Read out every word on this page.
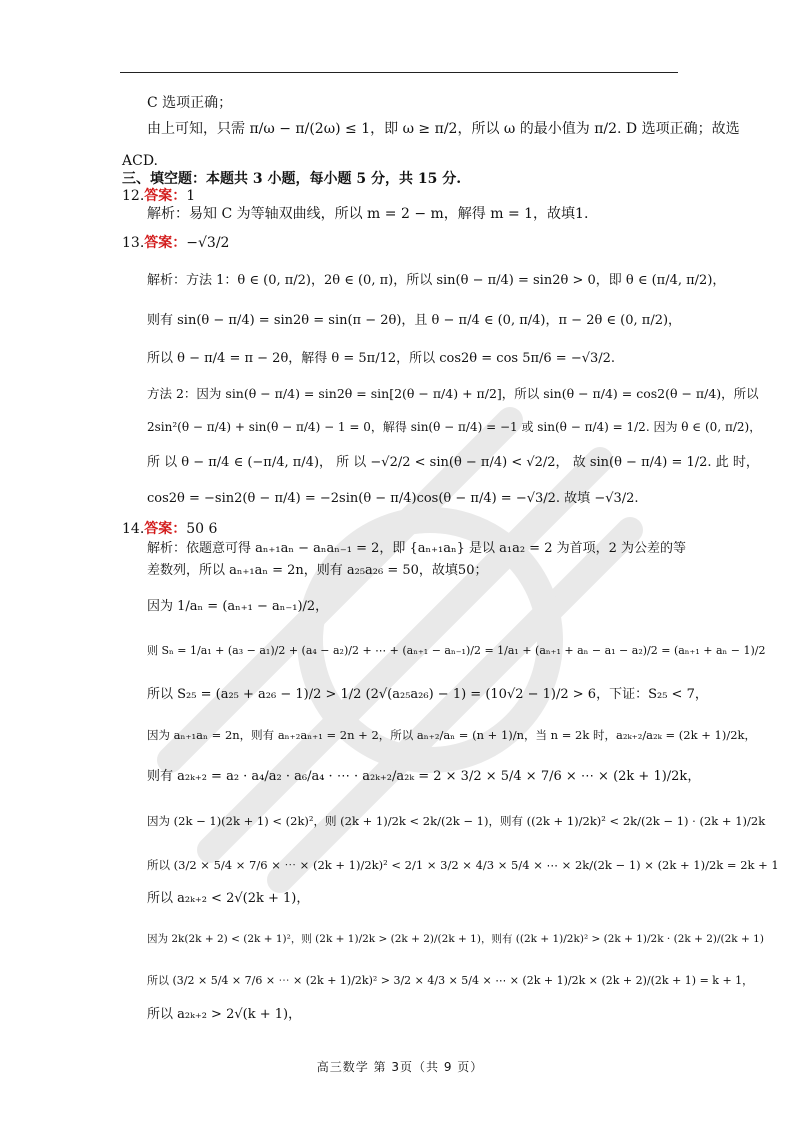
C 选项正确；
由上可知，只需 π/ω − π/(2ω) ≤ 1，即 ω ≥ π/2，所以 ω 的最小值为 π/2. D 选项正确；故选
ACD.
三、填空题：本题共 3 小题，每小题 5 分，共 15 分.
12.答案：1
解析：易知 C 为等轴双曲线，所以 m = 2 − m，解得 m = 1，故填1.
13.答案：−√3/2
解析：方法 1：θ ∈ (0, π/2)，2θ ∈ (0, π)，所以 sin(θ − π/4) = sin2θ > 0，即 θ ∈ (π/4, π/2)，
则有 sin(θ − π/4) = sin2θ = sin(π − 2θ)，且 θ − π/4 ∈ (0, π/4)，π − 2θ ∈ (0, π/2)，
所以 θ − π/4 = π − 2θ，解得 θ = 5π/12，所以 cos2θ = cos 5π/6 = −√3/2.
方法 2：因为 sin(θ − π/4) = sin2θ = sin[2(θ − π/4) + π/2]，所以 sin(θ − π/4) = cos2(θ − π/4)，所以
2sin²(θ − π/4) + sin(θ − π/4) − 1 = 0，解得 sin(θ − π/4) = −1 或 sin(θ − π/4) = 1/2. 因为 θ ∈ (0, π/2)，
所 以 θ − π/4 ∈ (−π/4, π/4)， 所 以 −√2/2 < sin(θ − π/4) < √2/2， 故 sin(θ − π/4) = 1/2. 此 时，
cos2θ = −sin2(θ − π/4) = −2sin(θ − π/4)cos(θ − π/4) = −√3/2. 故填 −√3/2.
14.答案：50 6
解析：依题意可得 aₙ₊₁aₙ − aₙaₙ₋₁ = 2，即 {aₙ₊₁aₙ} 是以 a₁a₂ = 2 为首项，2 为公差的等
差数列，所以 aₙ₊₁aₙ = 2n，则有 a₂₅a₂₆ = 50，故填50；
因为 1/aₙ = (aₙ₊₁ − aₙ₋₁)/2，
则 Sₙ = 1/a₁ + (a₃ − a₁)/2 + (a₄ − a₂)/2 + ⋯ + (aₙ₊₁ − aₙ₋₁)/2 = 1/a₁ + (aₙ₊₁ + aₙ − a₁ − a₂)/2 = (aₙ₊₁ + aₙ − 1)/2
所以 S₂₅ = (a₂₅ + a₂₆ − 1)/2 > 1/2 (2√(a₂₅a₂₆) − 1) = (10√2 − 1)/2 > 6，下证：S₂₅ < 7，
因为 aₙ₊₁aₙ = 2n，则有 aₙ₊₂aₙ₊₁ = 2n + 2，所以 aₙ₊₂/aₙ = (n + 1)/n，当 n = 2k 时，a₂ₖ₊₂/a₂ₖ = (2k + 1)/2k，
则有 a₂ₖ₊₂ = a₂ · a₄/a₂ · a₆/a₄ · ⋯ · a₂ₖ₊₂/a₂ₖ = 2 × 3/2 × 5/4 × 7/6 × ⋯ × (2k + 1)/2k，
因为 (2k − 1)(2k + 1) < (2k)²，则 (2k + 1)/2k < 2k/(2k − 1)，则有 ((2k + 1)/2k)² < 2k/(2k − 1) · (2k + 1)/2k
所以 (3/2 × 5/4 × 7/6 × ⋯ × (2k + 1)/2k)² < 2/1 × 3/2 × 4/3 × 5/4 × ⋯ × 2k/(2k − 1) × (2k + 1)/2k = 2k + 1
所以 a₂ₖ₊₂ < 2√(2k + 1)，
因为 2k(2k + 2) < (2k + 1)²，则 (2k + 1)/2k > (2k + 2)/(2k + 1)，则有 ((2k + 1)/2k)² > (2k + 1)/2k · (2k + 2)/(2k + 1)
所以 (3/2 × 5/4 × 7/6 × ⋯ × (2k + 1)/2k)² > 3/2 × 4/3 × 5/4 × ⋯ × (2k + 1)/2k × (2k + 2)/(2k + 1) = k + 1，
所以 a₂ₖ₊₂ > 2√(k + 1)，
高三数学 第 3页（共 9 页）
